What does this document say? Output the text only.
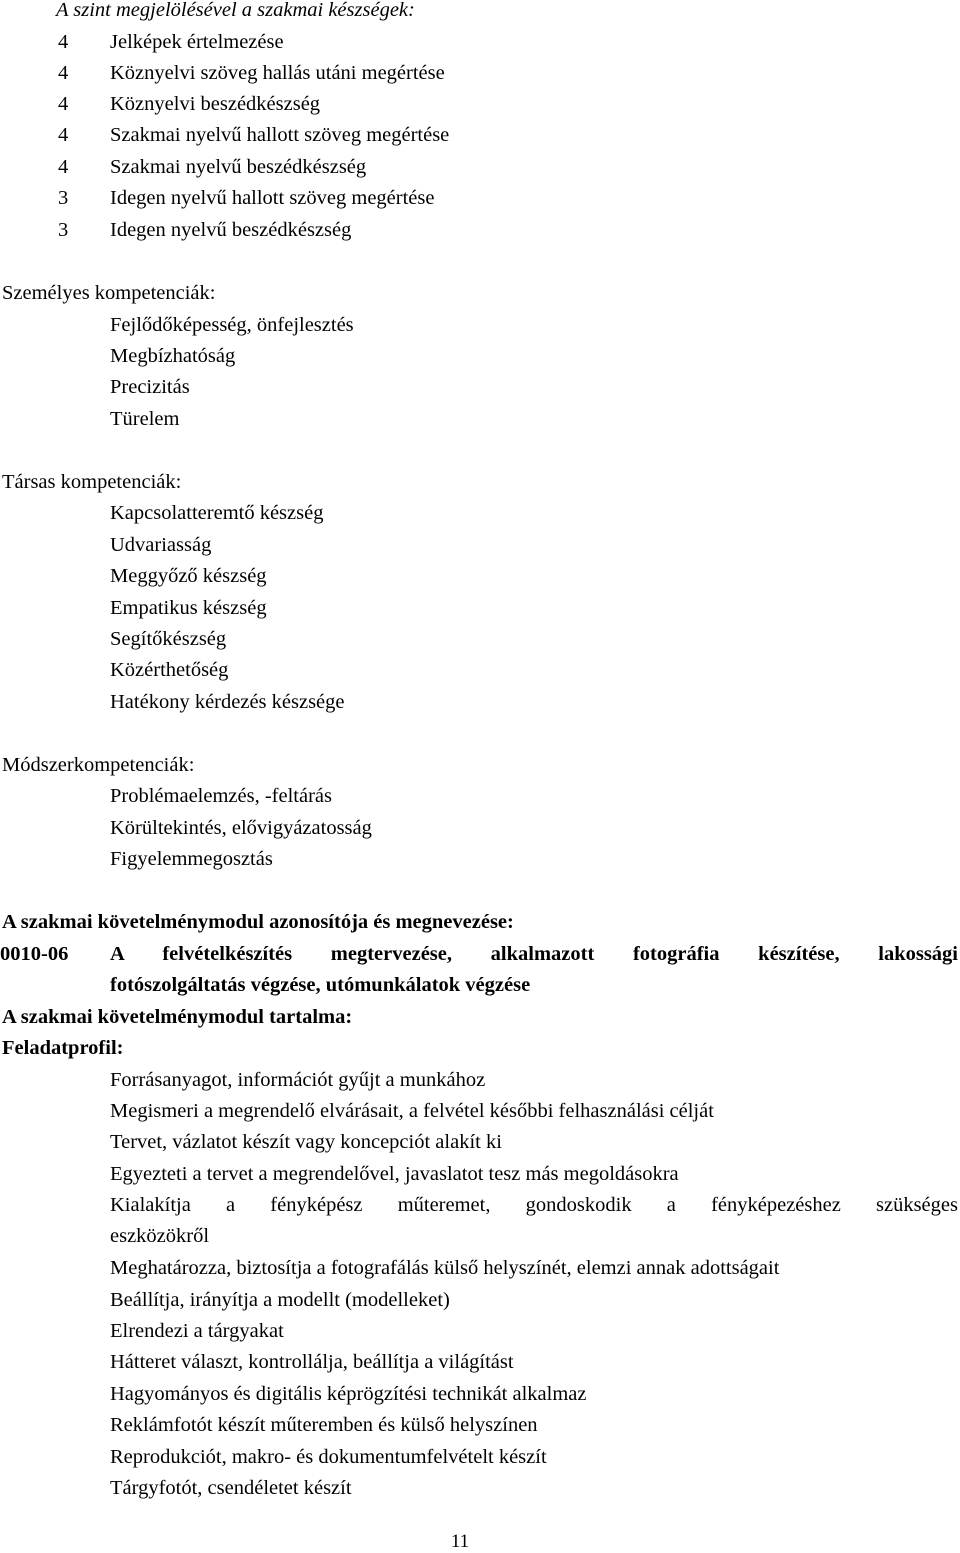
A szint megjelölésével a szakmai készségek:
4 Jelképek értelmezése
4 Köznyelvi szöveg hallás utáni megértése
4 Köznyelvi beszédkészség
4 Szakmai nyelvű hallott szöveg megértése
4 Szakmai nyelvű beszédkészség
3 Idegen nyelvű hallott szöveg megértése
3 Idegen nyelvű beszédkészség
Személyes kompetenciák:
Fejlődőképesség, önfejlesztés
Megbízhatóság
Precizitás
Türelem
Társas kompetenciák:
Kapcsolatteremtő készség
Udvariasság
Meggyőző készség
Empatikus készség
Segítőkészség
Közérthetőség
Hatékony kérdezés készsége
Módszerkompetenciák:
Problémaelemzés, -feltárás
Körültekintés, elővigyázatosság
Figyelemmegosztás
A szakmai követelménymodul azonosítója és megnevezése:
0010-06 A felvételkészítés megtervezése, alkalmazott fotográfia készítése, lakossági
fotószolgáltatás végzése, utómunkálatok végzése
A szakmai követelménymodul tartalma:
Feladatprofil:
Forrásanyagot, információt gyűjt a munkához
Megismeri a megrendelő elvárásait, a felvétel későbbi felhasználási célját
Tervet, vázlatot készít vagy koncepciót alakít ki
Egyezteti a tervet a megrendelővel, javaslatot tesz más megoldásokra
Kialakítja a fényképész műteremet, gondoskodik a fényképezéshez szükséges
eszközökről
Meghatározza, biztosítja a fotografálás külső helyszínét, elemzi annak adottságait
Beállítja, irányítja a modellt (modelleket)
Elrendezi a tárgyakat
Hátteret választ, kontrollálja, beállítja a világítást
Hagyományos és digitális képrögzítési technikát alkalmaz
Reklámfotót készít műteremben és külső helyszínen
Reprodukciót, makro- és dokumentumfelvételt készít
Tárgyfotót, csendéletet készít
11
